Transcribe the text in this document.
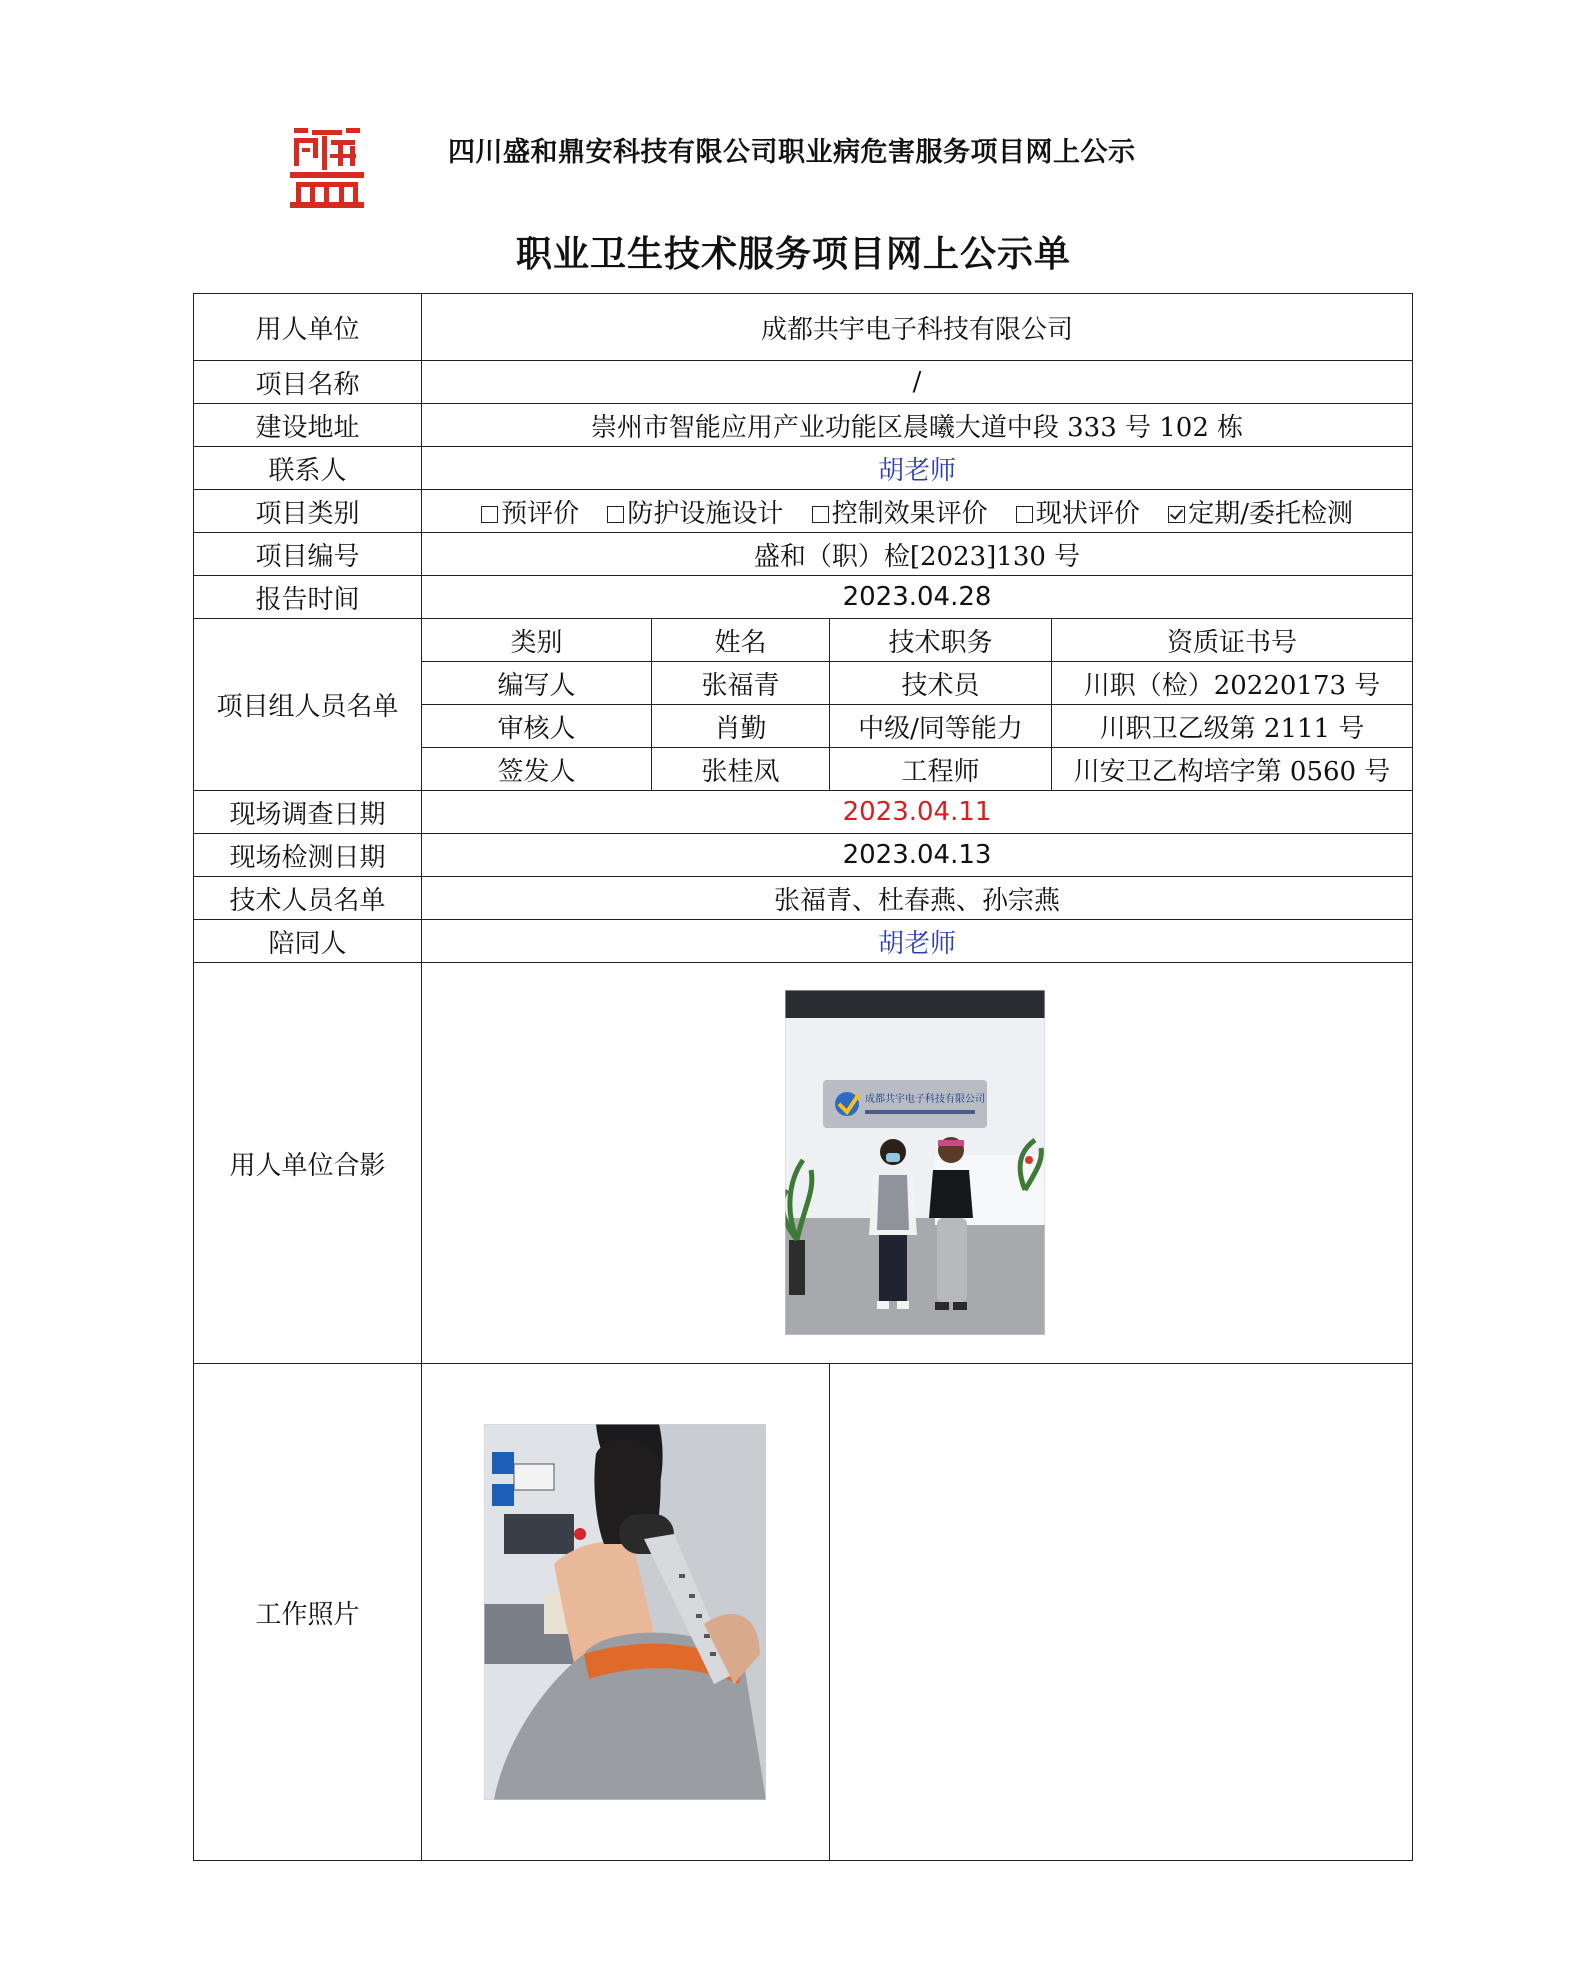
四川盛和鼎安科技有限公司职业病危害服务项目网上公示
职业卫生技术服务项目网上公示单
用人单位	成都共宇电子科技有限公司			
项目名称	/			
建设地址	崇州市智能应用产业功能区晨曦大道中段 333 号 102 栋			
联系人	胡老师			
项目类别	预评价 防护设施设计 控制效果评价 现状评价 定期/委托检测			
项目编号	盛和（职）检[2023]130 号			
报告时间	2023.04.28			
项目组人员名单	类别	姓名	技术职务	资质证书号
	编写人	张福青	技术员	川职（检）20220173 号
	审核人	肖勤	中级/同等能力	川职卫乙级第 2111 号
	签发人	张桂凤	工程师	川安卫乙构培字第 0560 号
现场调查日期	2023.04.11			
现场检测日期	2023.04.13			
技术人员名单	张福青、杜春燕、孙宗燕			
陪同人	胡老师			
用人单位合影	成都共宇电子科技有限公司			

工作照片	
